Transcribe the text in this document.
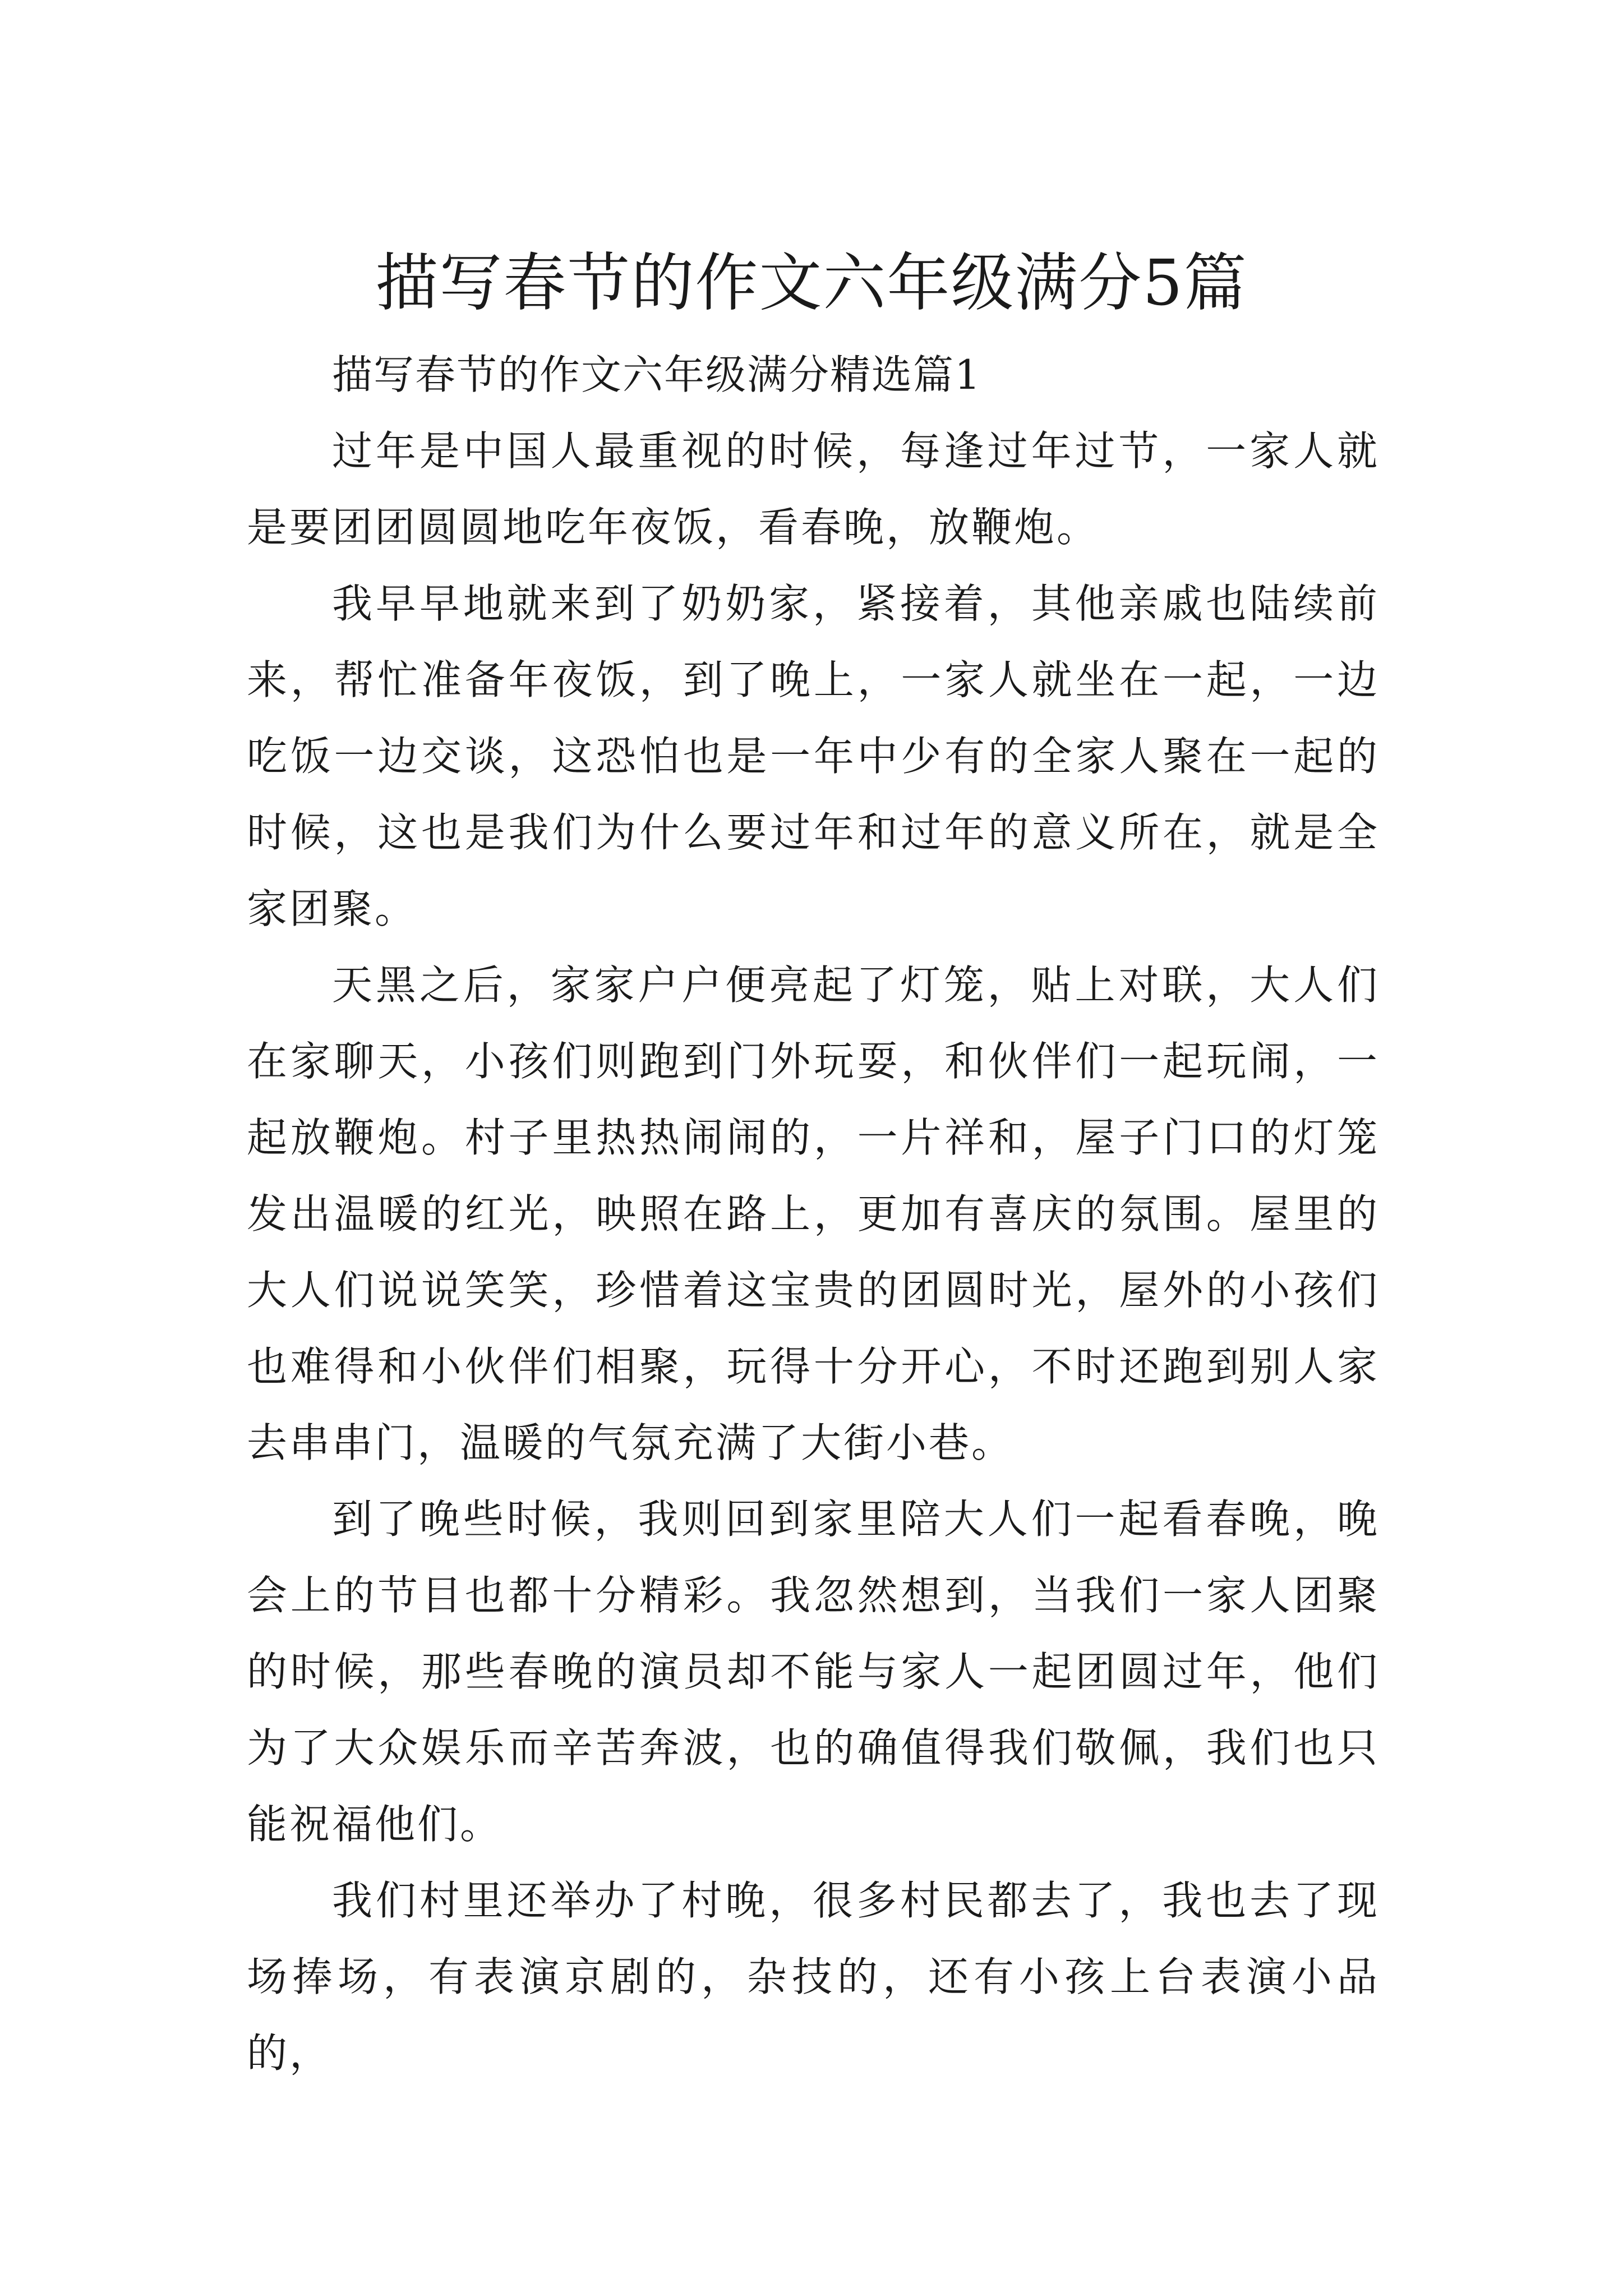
描写春节的作文六年级满分5篇

描写春节的作文六年级满分精选篇1

过年是中国人最重视的时候，每逢过年过节，一家人就是要团团圆圆地吃年夜饭，看春晚，放鞭炮。

我早早地就来到了奶奶家，紧接着，其他亲戚也陆续前来，帮忙准备年夜饭，到了晚上，一家人就坐在一起，一边吃饭一边交谈，这恐怕也是一年中少有的全家人聚在一起的时候，这也是我们为什么要过年和过年的意义所在，就是全家团聚。

天黑之后，家家户户便亮起了灯笼，贴上对联，大人们在家聊天，小孩们则跑到门外玩耍，和伙伴们一起玩闹，一起放鞭炮。村子里热热闹闹的，一片祥和，屋子门口的灯笼发出温暖的红光，映照在路上，更加有喜庆的氛围。屋里的大人们说说笑笑，珍惜着这宝贵的团圆时光，屋外的小孩们也难得和小伙伴们相聚，玩得十分开心，不时还跑到别人家去串串门，温暖的气氛充满了大街小巷。

到了晚些时候，我则回到家里陪大人们一起看春晚，晚会上的节目也都十分精彩。我忽然想到，当我们一家人团聚的时候，那些春晚的演员却不能与家人一起团圆过年，他们为了大众娱乐而辛苦奔波，也的确值得我们敬佩，我们也只能祝福他们。

我们村里还举办了村晚，很多村民都去了，我也去了现场捧场，有表演京剧的，杂技的，还有小孩上台表演小品的，
